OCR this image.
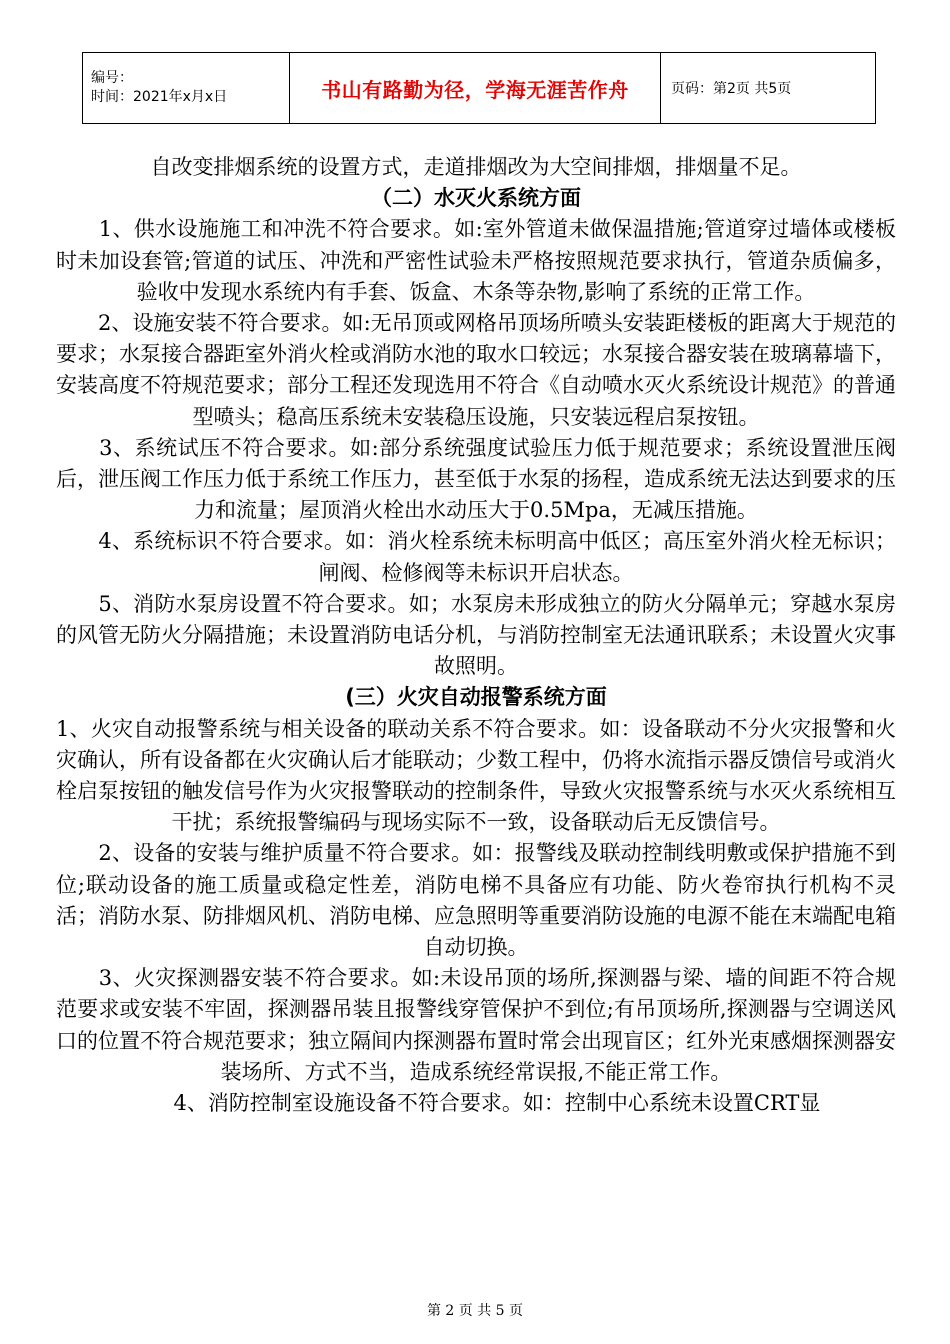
编号：
时间：2021年x月x日	书山有路勤为径，学海无涯苦作舟	页码：第2页 共5页

自改变排烟系统的设置方式，走道排烟改为大空间排烟，排烟量不足。

（二）水灭火系统方面

　　1、供水设施施工和冲洗不符合要求。如:室外管道未做保温措施;管道穿过墙体或楼板时未加设套管;管道的试压、冲洗和严密性试验未严格按照规范要求执行，管道杂质偏多，验收中发现水系统内有手套、饭盒、木条等杂物,影响了系统的正常工作。

　　2、设施安装不符合要求。如:无吊顶或网格吊顶场所喷头安装距楼板的距离大于规范的要求；水泵接合器距室外消火栓或消防水池的取水口较远；水泵接合器安装在玻璃幕墙下，安装高度不符规范要求；部分工程还发现选用不符合《自动喷水灭火系统设计规范》的普通型喷头；稳高压系统未安装稳压设施，只安装远程启泵按钮。

　　3、系统试压不符合要求。如:部分系统强度试验压力低于规范要求；系统设置泄压阀后，泄压阀工作压力低于系统工作压力，甚至低于水泵的扬程，造成系统无法达到要求的压力和流量；屋顶消火栓出水动压大于0.5Mpa，无减压措施。

　　4、系统标识不符合要求。如：消火栓系统未标明高中低区；高压室外消火栓无标识；闸阀、检修阀等未标识开启状态。

　　5、消防水泵房设置不符合要求。如；水泵房未形成独立的防火分隔单元；穿越水泵房的风管无防火分隔措施；未设置消防电话分机，与消防控制室无法通讯联系；未设置火灾事故照明。

(三）火灾自动报警系统方面

1、火灾自动报警系统与相关设备的联动关系不符合要求。如：设备联动不分火灾报警和火灾确认，所有设备都在火灾确认后才能联动；少数工程中，仍将水流指示器反馈信号或消火栓启泵按钮的触发信号作为火灾报警联动的控制条件，导致火灾报警系统与水灭火系统相互干扰；系统报警编码与现场实际不一致，设备联动后无反馈信号。

　　2、设备的安装与维护质量不符合要求。如：报警线及联动控制线明敷或保护措施不到位;联动设备的施工质量或稳定性差，消防电梯不具备应有功能、防火卷帘执行机构不灵活；消防水泵、防排烟风机、消防电梯、应急照明等重要消防设施的电源不能在末端配电箱自动切换。

　　3、火灾探测器安装不符合要求。如:未设吊顶的场所,探测器与梁、墙的间距不符合规范要求或安装不牢固，探测器吊装且报警线穿管保护不到位;有吊顶场所,探测器与空调送风口的位置不符合规范要求；独立隔间内探测器布置时常会出现盲区；红外光束感烟探测器安装场所、方式不当，造成系统经常误报,不能正常工作。

　　4、消防控制室设施设备不符合要求。如：控制中心系统未设置CRT显

第 2 页 共 5 页
